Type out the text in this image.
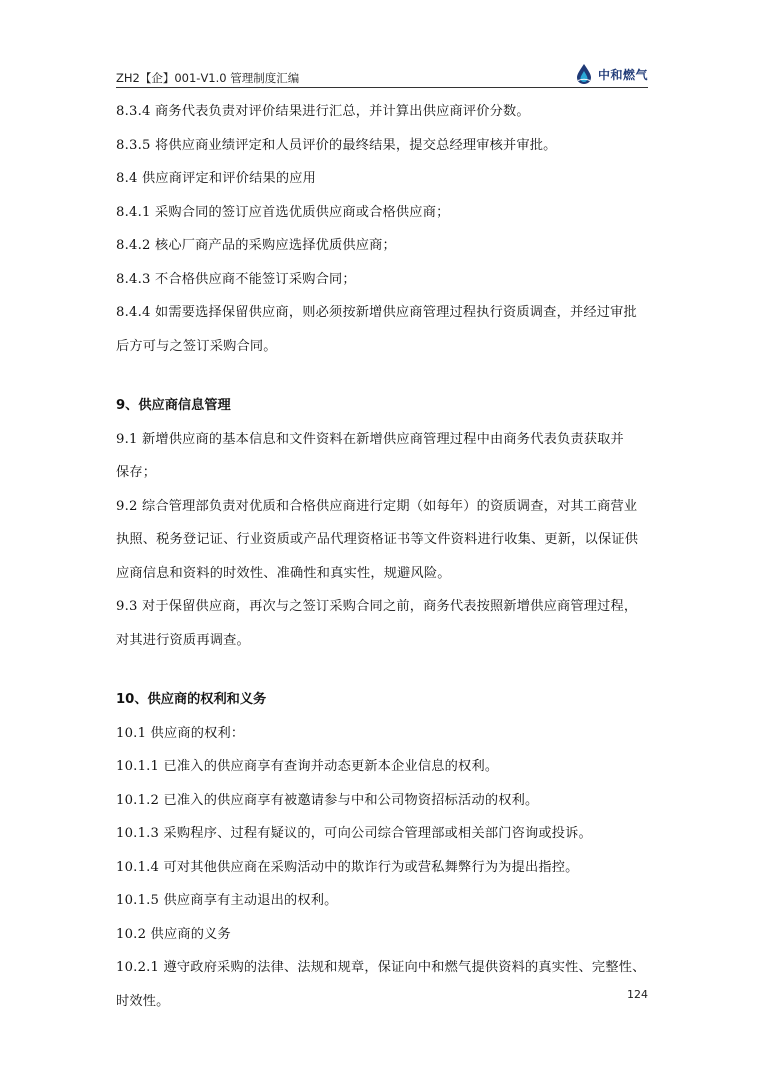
ZH2【企】001-V1.0 管理制度汇编	中和燃气

8.3.4 商务代表负责对评价结果进行汇总，并计算出供应商评价分数。

8.3.5 将供应商业绩评定和人员评价的最终结果，提交总经理审核并审批。

8.4 供应商评定和评价结果的应用

8.4.1 采购合同的签订应首选优质供应商或合格供应商；

8.4.2 核心厂商产品的采购应选择优质供应商；

8.4.3 不合格供应商不能签订采购合同；

8.4.4 如需要选择保留供应商，则必须按新增供应商管理过程执行资质调查，并经过审批

后方可与之签订采购合同。

9、供应商信息管理

9.1 新增供应商的基本信息和文件资料在新增供应商管理过程中由商务代表负责获取并

保存；

9.2 综合管理部负责对优质和合格供应商进行定期（如每年）的资质调查，对其工商营业

执照、税务登记证、行业资质或产品代理资格证书等文件资料进行收集、更新，以保证供

应商信息和资料的时效性、准确性和真实性，规避风险。

9.3 对于保留供应商，再次与之签订采购合同之前，商务代表按照新增供应商管理过程，

对其进行资质再调查。

10、供应商的权利和义务

10.1 供应商的权利：

10.1.1 已准入的供应商享有查询并动态更新本企业信息的权利。

10.1.2 已准入的供应商享有被邀请参与中和公司物资招标活动的权利。

10.1.3 采购程序、过程有疑议的，可向公司综合管理部或相关部门咨询或投诉。

10.1.4 可对其他供应商在采购活动中的欺诈行为或营私舞弊行为为提出指控。

10.1.5 供应商享有主动退出的权利。

10.2 供应商的义务

10.2.1 遵守政府采购的法律、法规和规章，保证向中和燃气提供资料的真实性、完整性、

时效性。	124
